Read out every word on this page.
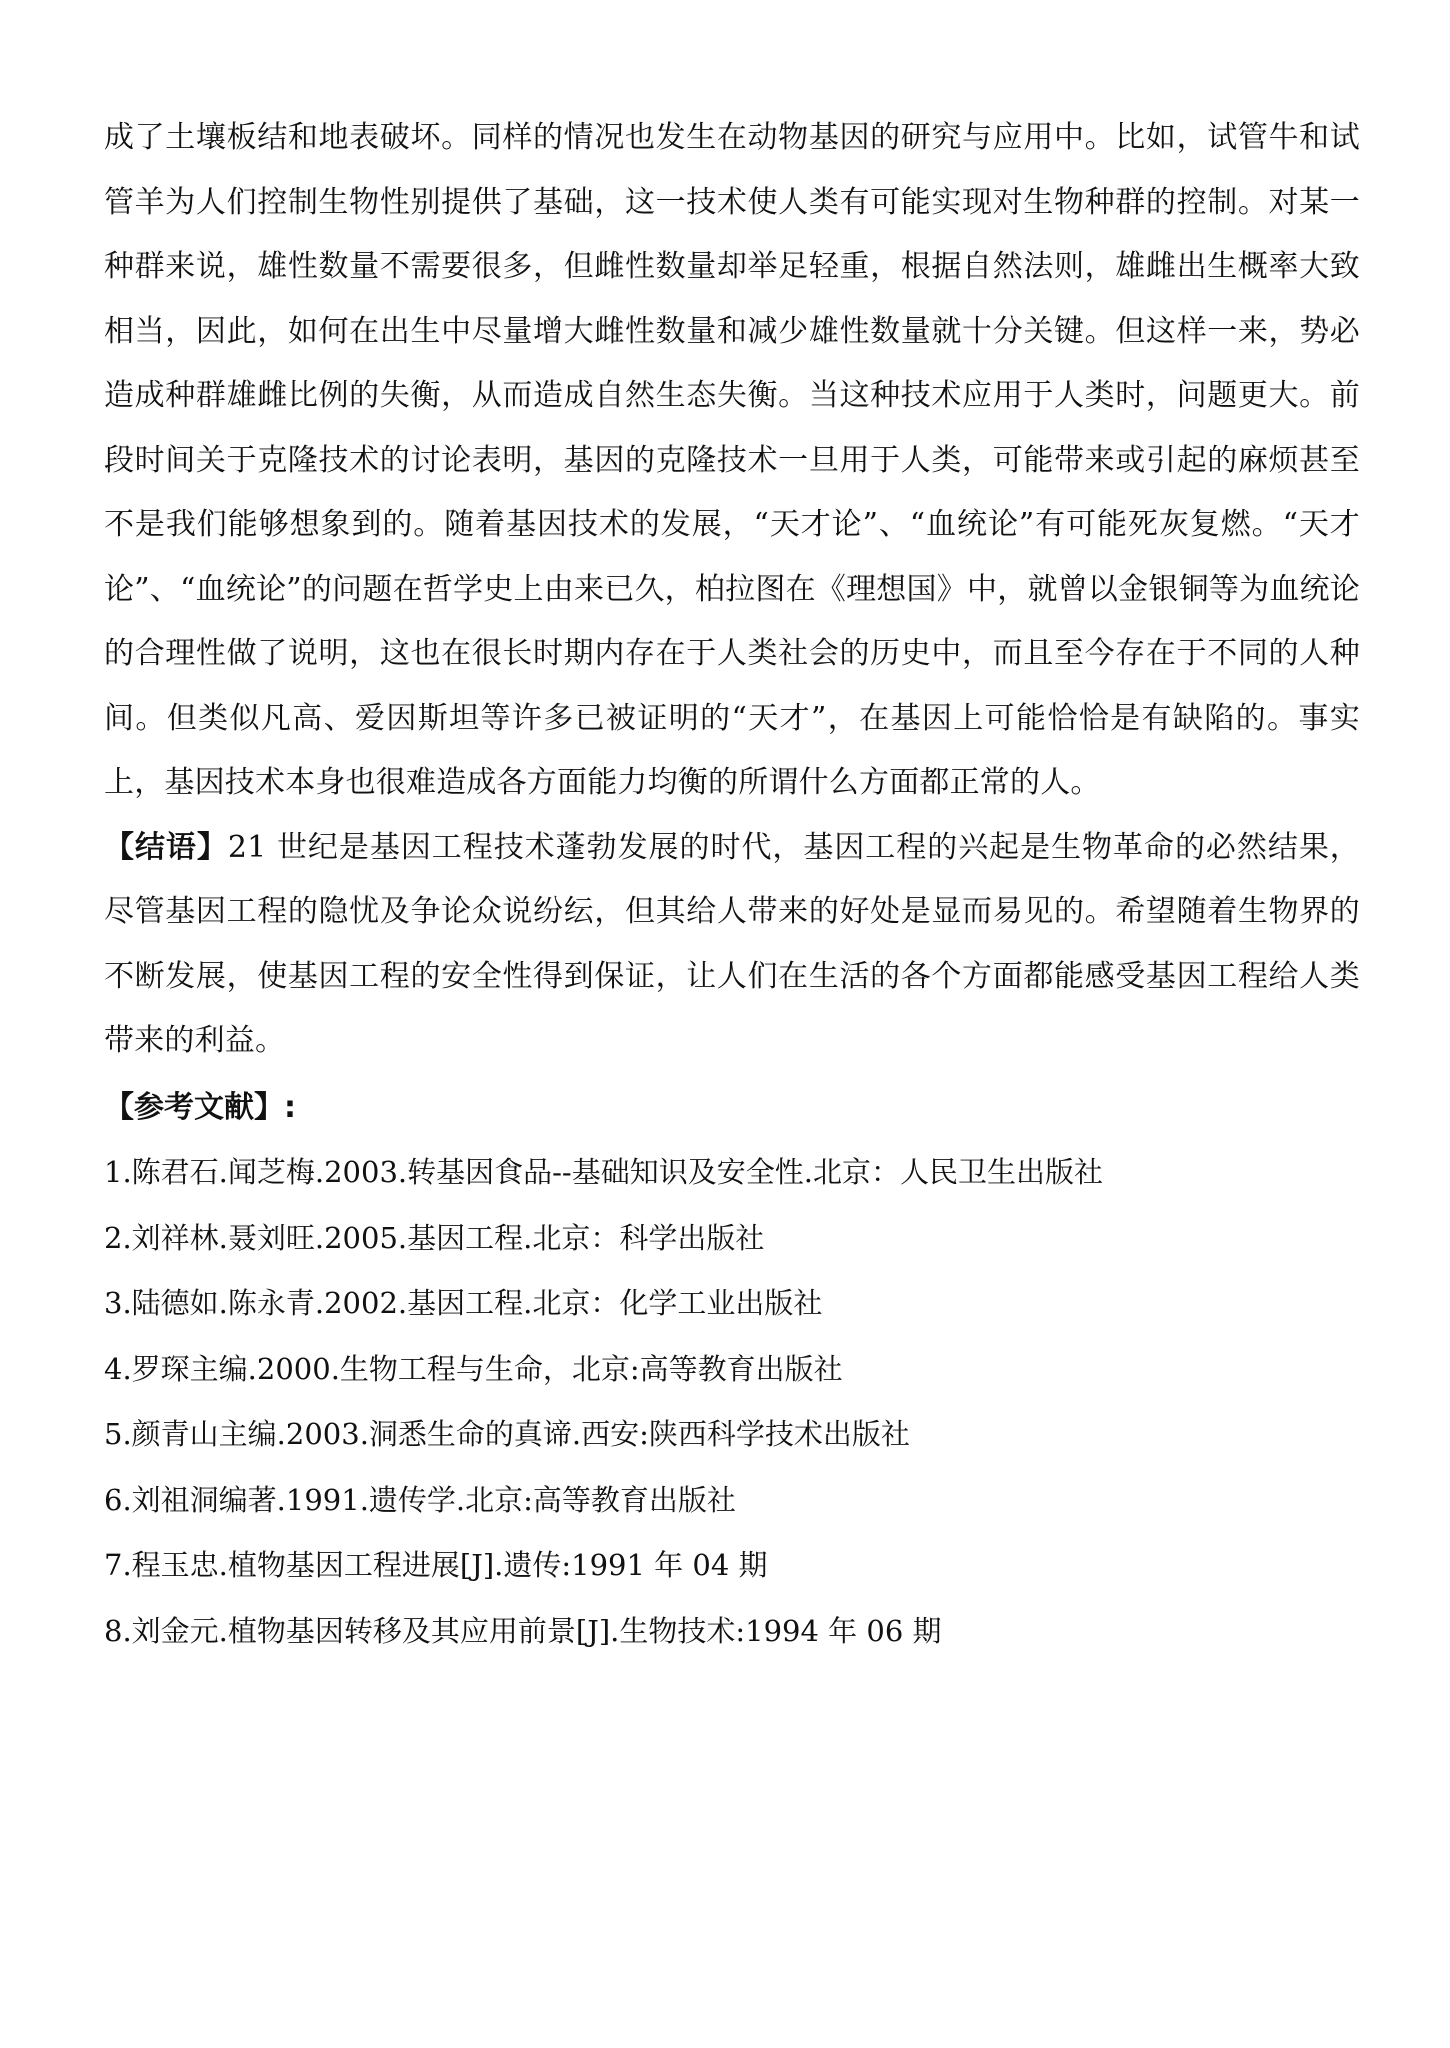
成了土壤板结和地表破坏。同样的情况也发生在动物基因的研究与应用中。比如，试管牛和试管羊为人们控制生物性别提供了基础，这一技术使人类有可能实现对生物种群的控制。对某一种群来说，雄性数量不需要很多，但雌性数量却举足轻重，根据自然法则，雄雌出生概率大致相当，因此，如何在出生中尽量增大雌性数量和减少雄性数量就十分关键。但这样一来，势必造成种群雄雌比例的失衡，从而造成自然生态失衡。当这种技术应用于人类时，问题更大。前段时间关于克隆技术的讨论表明，基因的克隆技术一旦用于人类，可能带来或引起的麻烦甚至不是我们能够想象到的。随着基因技术的发展，“天才论”、“血统论”有可能死灰复燃。“天才论”、“血统论”的问题在哲学史上由来已久，柏拉图在《理想国》中，就曾以金银铜等为血统论的合理性做了说明，这也在很长时期内存在于人类社会的历史中，而且至今存在于不同的人种间。但类似凡高、爱因斯坦等许多已被证明的“天才”，在基因上可能恰恰是有缺陷的。事实上，基因技术本身也很难造成各方面能力均衡的所谓什么方面都正常的人。

【结语】21 世纪是基因工程技术蓬勃发展的时代，基因工程的兴起是生物革命的必然结果，尽管基因工程的隐忧及争论众说纷纭，但其给人带来的好处是显而易见的。希望随着生物界的不断发展，使基因工程的安全性得到保证，让人们在生活的各个方面都能感受基因工程给人类带来的利益。

【参考文献】:

1.陈君石.闻芝梅.2003.转基因食品--基础知识及安全性.北京：人民卫生出版社
2.刘祥林.聂刘旺.2005.基因工程.北京：科学出版社
3.陆德如.陈永青.2002.基因工程.北京：化学工业出版社
4.罗琛主编.2000.生物工程与生命，北京:高等教育出版社
5.颜青山主编.2003.洞悉生命的真谛.西安:陕西科学技术出版社
6.刘祖洞编著.1991.遗传学.北京:高等教育出版社
7.程玉忠.植物基因工程进展[J].遗传:1991 年 04 期
8.刘金元.植物基因转移及其应用前景[J].生物技术:1994 年 06 期
